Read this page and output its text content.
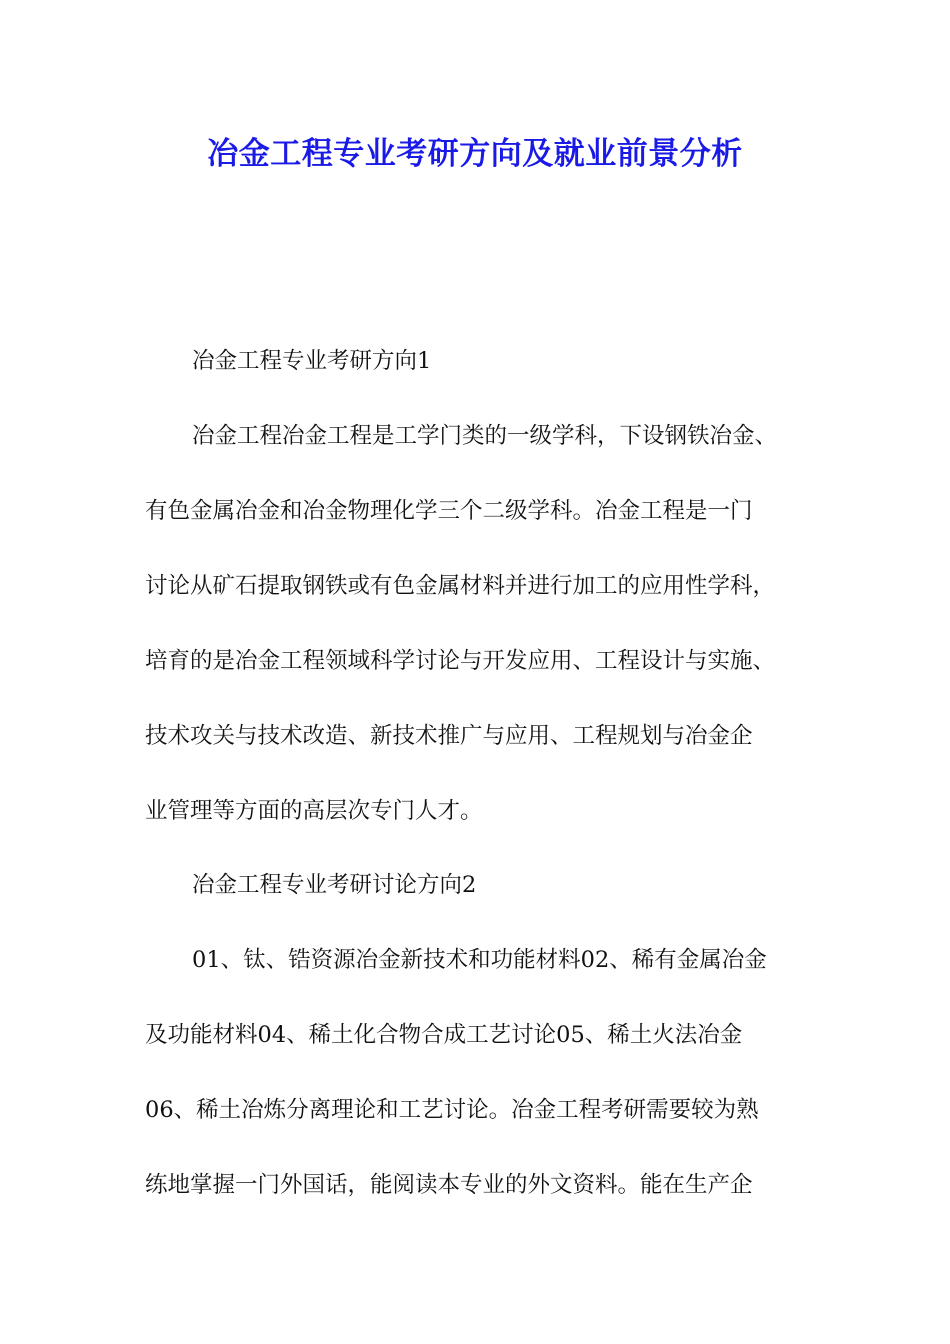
冶金工程专业考研方向及就业前景分析
冶金工程专业考研方向1
冶金工程冶金工程是工学门类的一级学科，下设钢铁冶金、
有色金属冶金和冶金物理化学三个二级学科。冶金工程是一门
讨论从矿石提取钢铁或有色金属材料并进行加工的应用性学科，
培育的是冶金工程领域科学讨论与开发应用、工程设计与实施、
技术攻关与技术改造、新技术推广与应用、工程规划与冶金企
业管理等方面的高层次专门人才。
冶金工程专业考研讨论方向2
01、钛、锆资源冶金新技术和功能材料02、稀有金属冶金
及功能材料04、稀土化合物合成工艺讨论05、稀土火法冶金
06、稀土冶炼分离理论和工艺讨论。冶金工程考研需要较为熟
练地掌握一门外国话，能阅读本专业的外文资料。能在生产企
